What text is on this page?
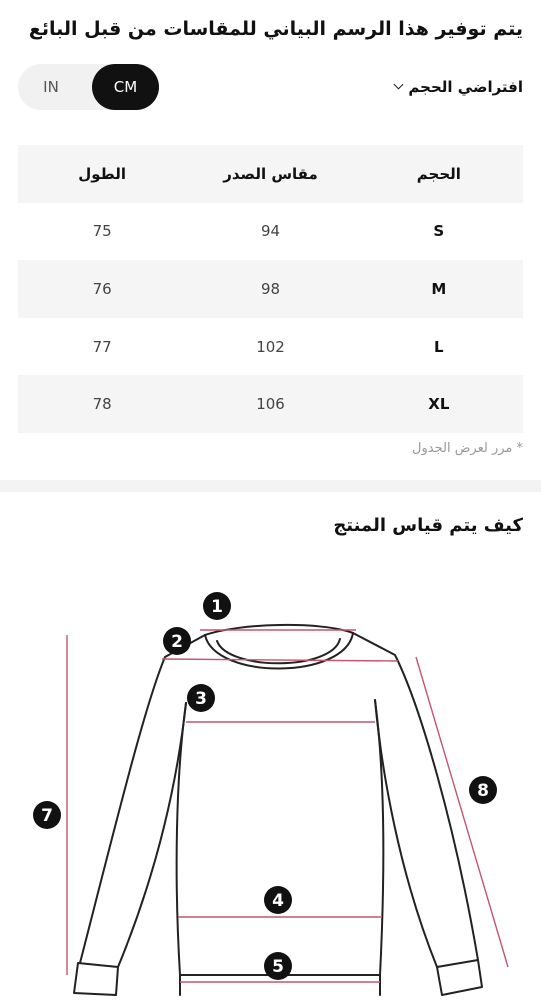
يتم توفير هذا الرسم البياني للمقاسات من قبل البائع
IN	CM	افتراضي الحجم
الحجم	مقاس الصدر	الطول
S	94	75
M	98	76
L	102	77
XL	106	78
* مرر لعرض الجدول
كيف يتم قياس المنتج
1
2
3
4
5
7
8
